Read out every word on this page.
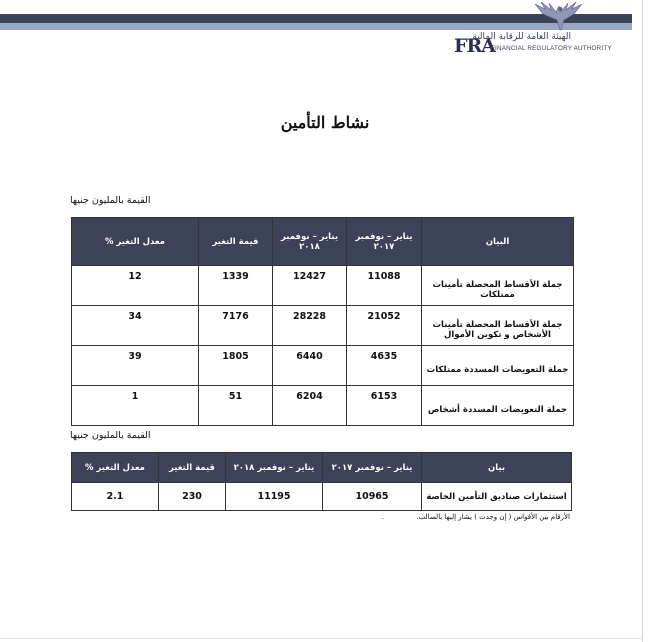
الهيئة العامة للرقابة المالية
FRA
FINANCIAL REGULATORY AUTHORITY
نشاط التأمين
القيمة بالمليون جنيها
البيان	يناير – نوفمبر ٢٠١٧	يناير – نوفمبر ٢٠١٨	قيمة التغير	معدل التغير %
جملة الأقساط المحصلة تأمينات ممتلكات	11088	12427	1339	12
جملة الأقساط المحصلة تأمينات الأشخاص و تكوين الأموال	21052	28228	7176	34
جملة التعويضات المسددة ممتلكات	4635	6440	1805	39
جملة التعويضات المسددة أشخاص	6153	6204	51	1
القيمة بالمليون جنيها
بيان	يناير – نوفمبر ٢٠١٧	يناير – نوفمبر ٢٠١٨	قيمة التغير	معدل التغير %
استثمارات صناديق التأمين الخاصة	10965	11195	230	2.1
الأرقام بين الأقواس ( إن وجدت ) يشار إليها بالسالب.  .
